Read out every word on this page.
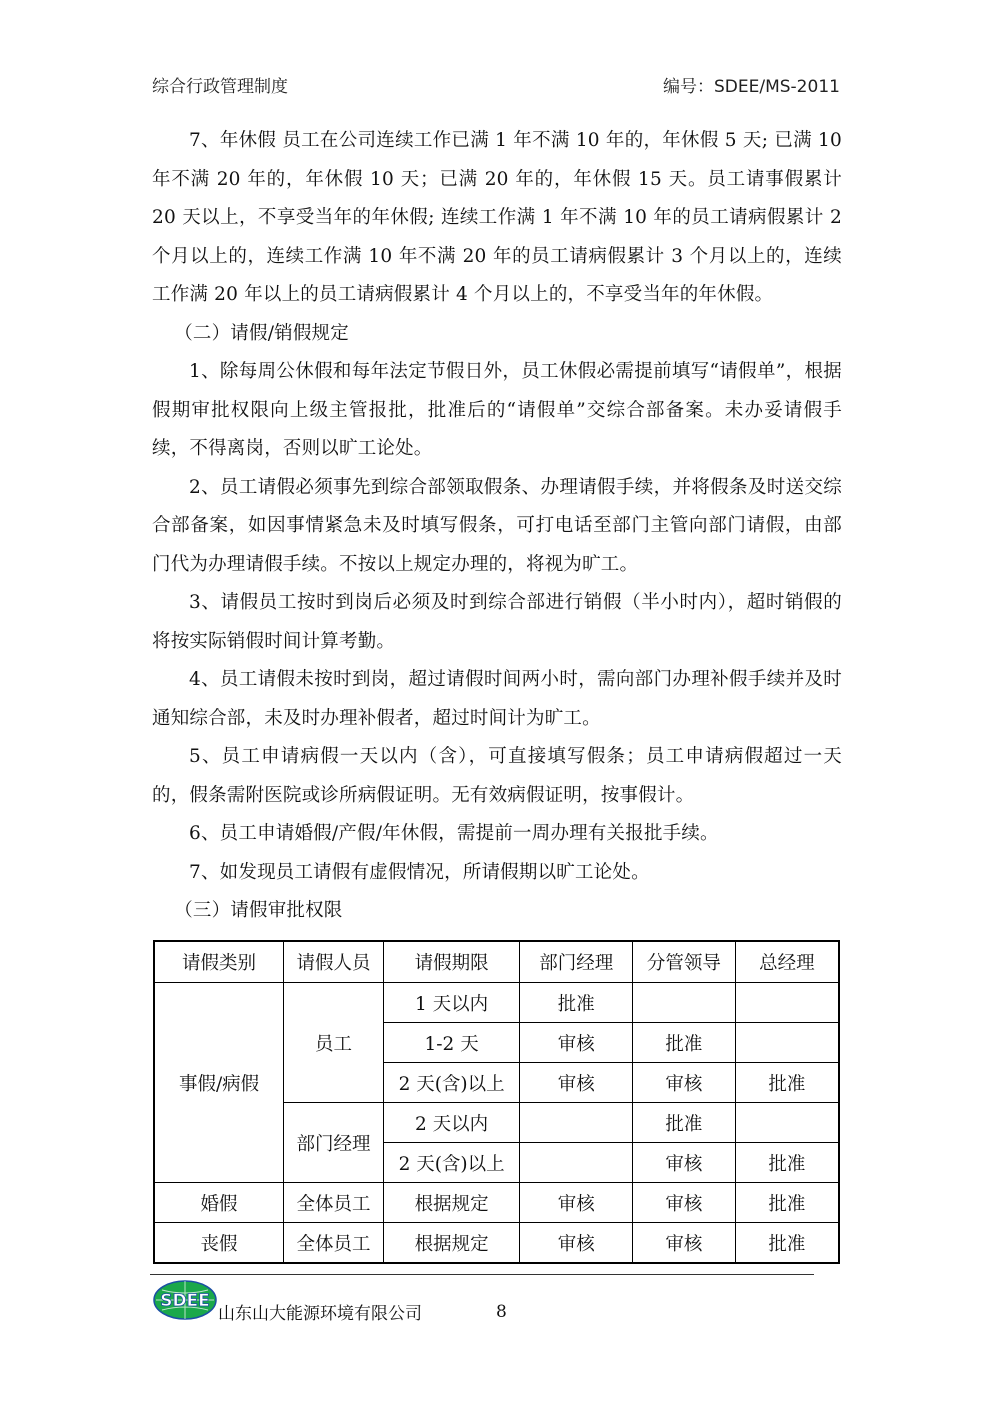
综合行政管理制度	编号：SDEE/MS-2011

7、年休假 员工在公司连续工作已满 1 年不满 10 年的，年休假 5 天; 已满 10 年不满 20 年的，年休假 10 天；已满 20 年的，年休假 15 天。员工请事假累计 20 天以上，不享受当年的年休假; 连续工作满 1 年不满 10 年的员工请病假累计 2 个月以上的，连续工作满 10 年不满 20 年的员工请病假累计 3 个月以上的，连续工作满 20 年以上的员工请病假累计 4 个月以上的，不享受当年的年休假。

（二）请假/销假规定

1、除每周公休假和每年法定节假日外，员工休假必需提前填写“请假单”，根据假期审批权限向上级主管报批，批准后的“请假单”交综合部备案。未办妥请假手续，不得离岗，否则以旷工论处。

2、员工请假必须事先到综合部领取假条、办理请假手续，并将假条及时送交综合部备案，如因事情紧急未及时填写假条，可打电话至部门主管向部门请假，由部门代为办理请假手续。不按以上规定办理的，将视为旷工。

3、请假员工按时到岗后必须及时到综合部进行销假（半小时内），超时销假的将按实际销假时间计算考勤。

4、员工请假未按时到岗，超过请假时间两小时，需向部门办理补假手续并及时通知综合部，未及时办理补假者，超过时间计为旷工。

5、员工申请病假一天以内（含），可直接填写假条；员工申请病假超过一天的，假条需附医院或诊所病假证明。无有效病假证明，按事假计。

6、员工申请婚假/产假/年休假，需提前一周办理有关报批手续。

7、如发现员工请假有虚假情况，所请假期以旷工论处。

（三）请假审批权限

请假类别	请假人员	请假期限	部门经理	分管领导	总经理
事假/病假	员工	1 天以内	批准		
		1-2 天	审核	批准	
		2 天(含)以上	审核	审核	批准
	部门经理	2 天以内		批准	
		2 天(含)以上		审核	批准
婚假	全体员工	根据规定	审核	审核	批准
丧假	全体员工	根据规定	审核	审核	批准
SDEE
山东山大能源环境有限公司	8
